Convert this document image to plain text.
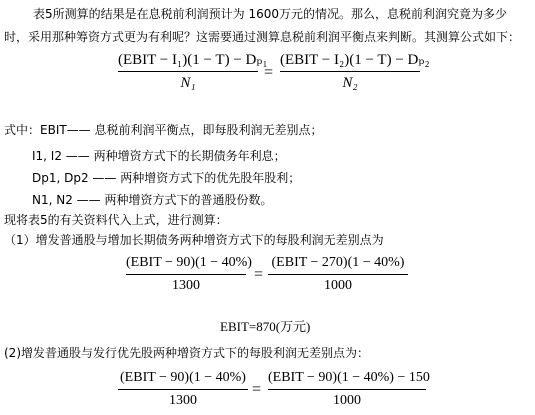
表5所测算的结果是在息税前利润预计为 1600万元的情况。那么，息税前利润究竟为多少
时，采用那种筹资方式更为有利呢？这需要通过测算息税前利润平衡点来判断。其测算公式如下：
(EBIT − I₁)(1 − T) − Dₚ₁
N₁
=
(EBIT − I₂)(1 − T) − Dₚ₂
N₂
式中：EBIT—— 息税前利润平衡点，即每股利润无差别点；
I1, I2 —— 两种增资方式下的长期债务年利息；
Dp1, Dp2 —— 两种增资方式下的优先股年股利；
N1, N2 —— 两种增资方式下的普通股份数。
现将表5的有关资料代入上式，进行测算：
（1）增发普通股与增加长期债务两种增资方式下的每股利润无差别点为
(EBIT − 90)(1 − 40%)
1300
=
(EBIT − 270)(1 − 40%)
1000
EBIT=870(万元)
(2)增发普通股与发行优先股两种增资方式下的每股利润无差别点为：
(EBIT − 90)(1 − 40%)
1300
=
(EBIT − 90)(1 − 40%) − 150
1000
